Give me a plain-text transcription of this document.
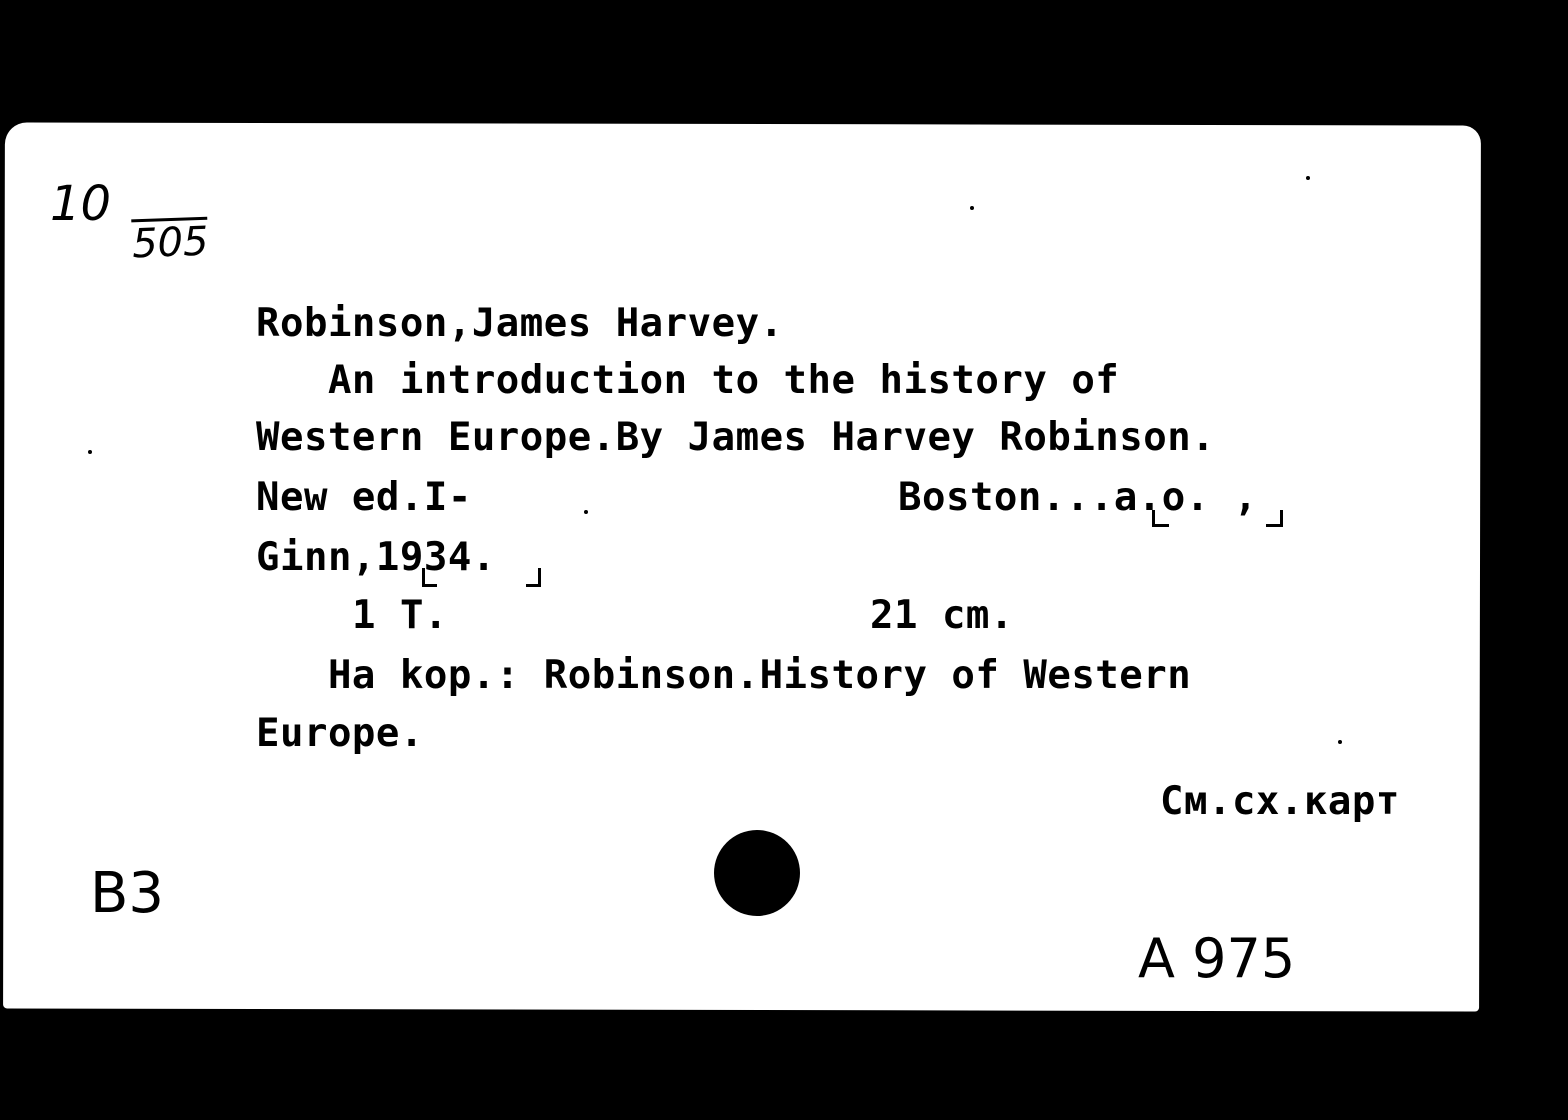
10
505
Robinson,James Harvey.
An introduction to the history of
Western Europe.By James Harvey Robinson.
New ed.I-	Boston...a.o. ,
Ginn,1934.
1 T.	21 cm.
Ha kop.: Robinson.History of Western
Europe.
См.сх.карт
B3
A 975
